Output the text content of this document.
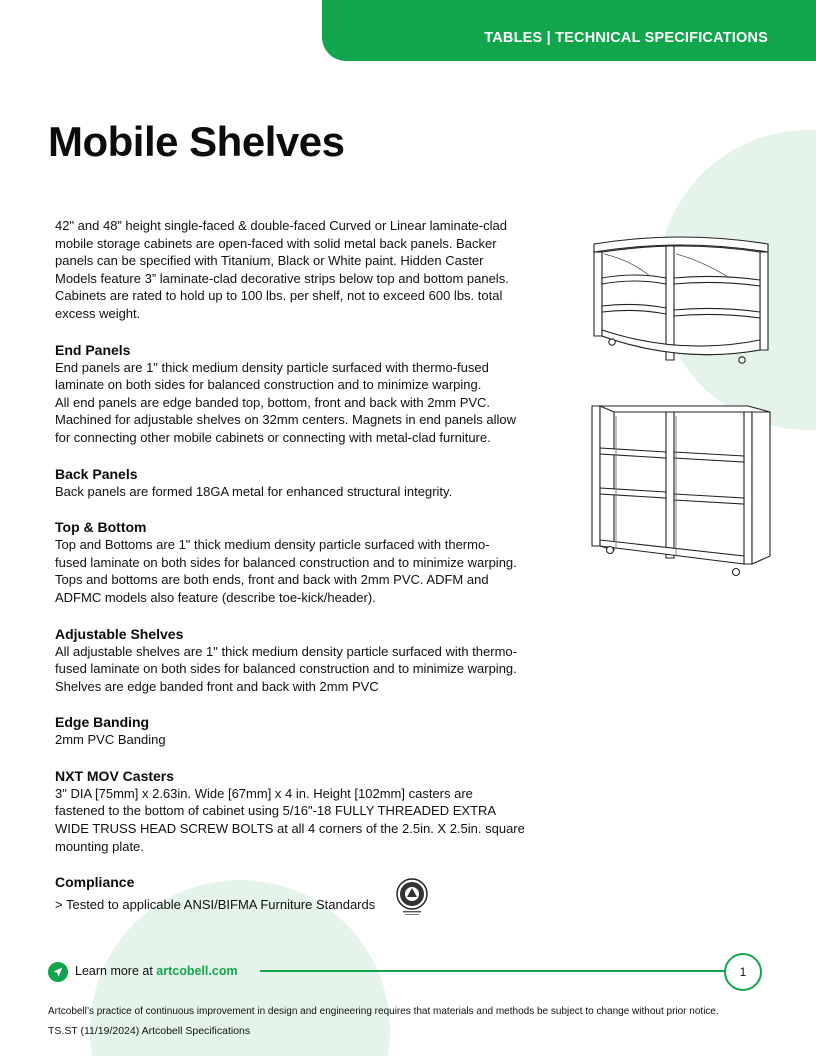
TABLES | TECHNICAL SPECIFICATIONS
Mobile Shelves

42" and 48” height single-faced & double-faced Curved or Linear laminate-clad
mobile storage cabinets are open-faced with solid metal back panels. Backer
panels can be specified with Titanium, Black or White paint. Hidden Caster
Models feature 3” laminate-clad decorative strips below top and bottom panels.
Cabinets are rated to hold up to 100 lbs. per shelf, not to exceed 600 lbs. total
excess weight.

End Panels

End panels are 1" thick medium density particle surfaced with thermo-fused
laminate on both sides for balanced construction and to minimize warping.
All end panels are edge banded top, bottom, front and back with 2mm PVC.
Machined for adjustable shelves on 32mm centers. Magnets in end panels allow
for connecting other mobile cabinets or connecting with metal-clad furniture.

Back Panels

Back panels are formed 18GA metal for enhanced structural integrity.

Top & Bottom

Top and Bottoms are 1" thick medium density particle surfaced with thermo-
fused laminate on both sides for balanced construction and to minimize warping.
Tops and bottoms are both ends, front and back with 2mm PVC. ADFM and
ADFMC models also feature (describe toe-kick/header).

Adjustable Shelves

All adjustable shelves are 1" thick medium density particle surfaced with thermo-
fused laminate on both sides for balanced construction and to minimize warping.
Shelves are edge banded front and back with 2mm PVC

Edge Banding

2mm PVC Banding

NXT MOV Casters

3" DIA [75mm] x 2.63in. Wide [67mm] x 4 in. Height [102mm] casters are
fastened to the bottom of cabinet using 5/16"-18 FULLY THREADED EXTRA
WIDE TRUSS HEAD SCREW BOLTS at all 4 corners of the 2.5in. X 2.5in. square
mounting plate.

Compliance
> Tested to applicable ANSI/BIFMA Furniture Standards
Learn more at artcobell.com	1
Artcobell’s practice of continuous improvement in design and engineering requires that materials and methods be subject to change without prior notice.
TS.ST (11/19/2024) Artcobell Specifications
